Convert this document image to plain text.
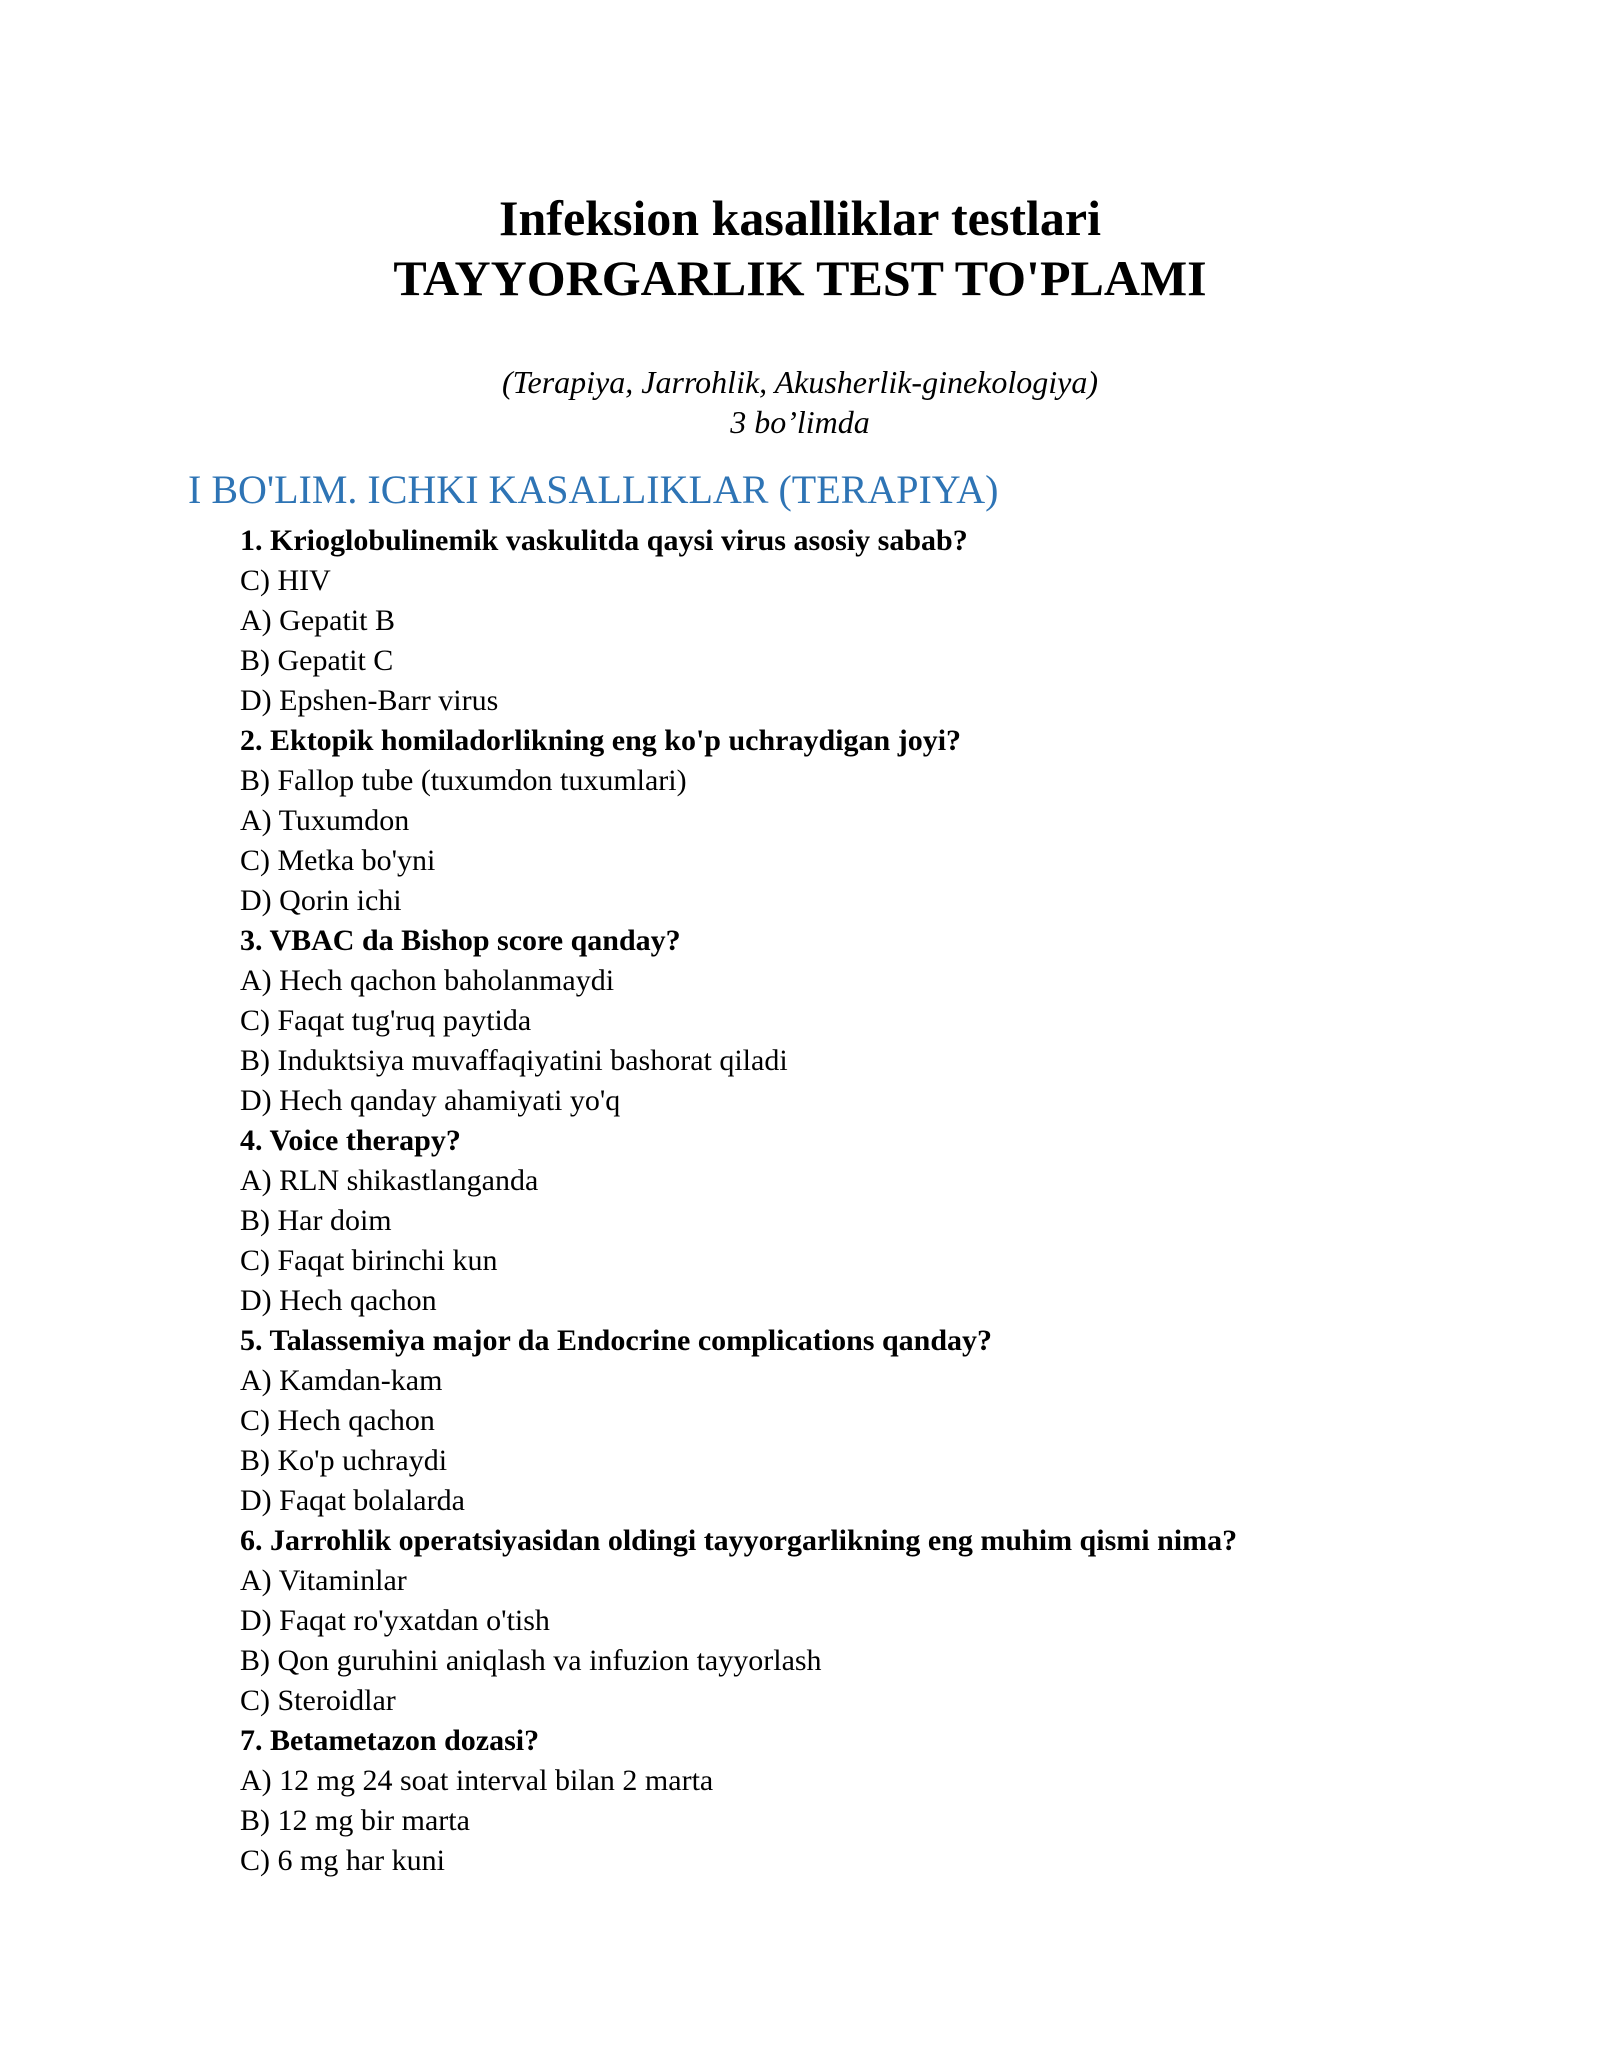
Infeksion kasalliklar testlari
TAYYORGARLIK TEST TO'PLAMI
(Terapiya, Jarrohlik, Akusherlik-ginekologiya)
3 bo’limda
I BO'LIM. ICHKI KASALLIKLAR (TERAPIYA)
1. Krioglobulinemik vaskulitda qaysi virus asosiy sabab?
C) HIV
A) Gepatit B
B) Gepatit C
D) Epshen-Barr virus
2. Ektopik homiladorlikning eng ko'p uchraydigan joyi?
B) Fallop tube (tuxumdon tuxumlari)
A) Tuxumdon
C) Metka bo'yni
D) Qorin ichi
3. VBAC da Bishop score qanday?
A) Hech qachon baholanmaydi
C) Faqat tug'ruq paytida
B) Induktsiya muvaffaqiyatini bashorat qiladi
D) Hech qanday ahamiyati yo'q
4. Voice therapy?
A) RLN shikastlanganda
B) Har doim
C) Faqat birinchi kun
D) Hech qachon
5. Talassemiya major da Endocrine complications qanday?
A) Kamdan-kam
C) Hech qachon
B) Ko'p uchraydi
D) Faqat bolalarda
6. Jarrohlik operatsiyasidan oldingi tayyorgarlikning eng muhim qismi nima?
A) Vitaminlar
D) Faqat ro'yxatdan o'tish
B) Qon guruhini aniqlash va infuzion tayyorlash
C) Steroidlar
7. Betametazon dozasi?
A) 12 mg 24 soat interval bilan 2 marta
B) 12 mg bir marta
C) 6 mg har kuni
